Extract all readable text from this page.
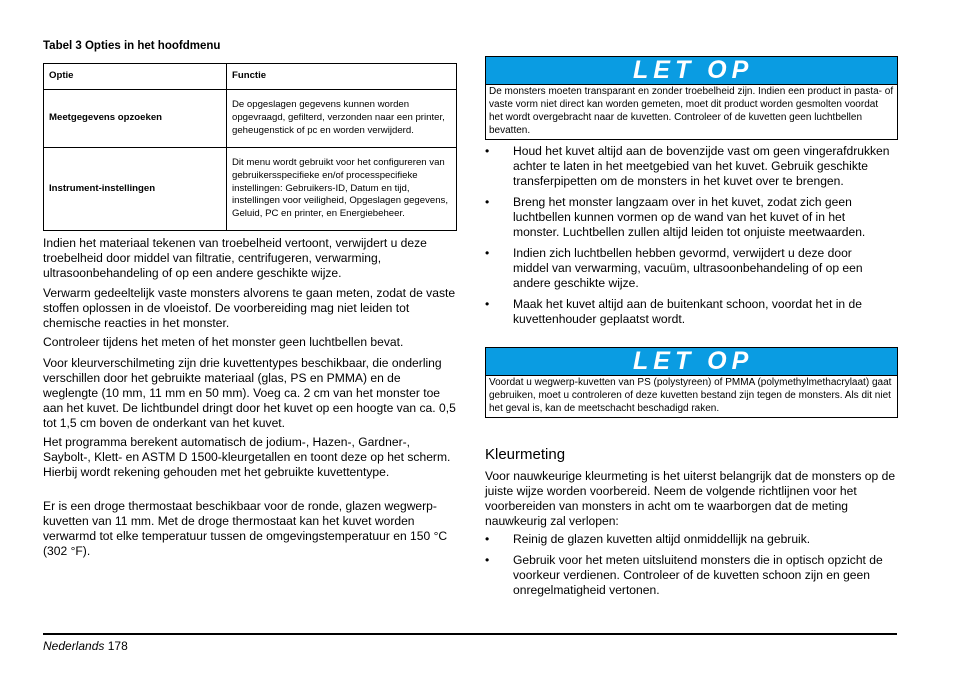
Tabel 3 Opties in het hoofdmenu
Optie	Functie
Meetgegevens opzoeken	De opgeslagen gegevens kunnen worden opgevraagd, gefilterd, verzonden naar een printer, geheugenstick of pc en worden verwijderd.
Instrument-instellingen	Dit menu wordt gebruikt voor het configureren van gebruikersspecifieke en/of processpecifieke instellingen: Gebruikers-ID, Datum en tijd, instellingen voor veiligheid, Opgeslagen gegevens, Geluid, PC en printer, en Energiebeheer.

Indien het materiaal tekenen van troebelheid vertoont, verwijdert u deze troebelheid door middel van filtratie, centrifugeren, verwarming, ultrasoonbehandeling of op een andere geschikte wijze.

Verwarm gedeeltelijk vaste monsters alvorens te gaan meten, zodat de vaste stoffen oplossen in de vloeistof. De voorbereiding mag niet leiden tot chemische reacties in het monster.

Controleer tijdens het meten of het monster geen luchtbellen bevat.

Voor kleurverschilmeting zijn drie kuvettentypes beschikbaar, die onderling verschillen door het gebruikte materiaal (glas, PS en PMMA) en de weglengte (10 mm, 11 mm en 50 mm). Voeg ca. 2 cm van het monster toe aan het kuvet. De lichtbundel dringt door het kuvet op een hoogte van ca. 0,5 tot 1,5 cm boven de onderkant van het kuvet.

Het programma berekent automatisch de jodium-, Hazen-, Gardner-, Saybolt-, Klett- en ASTM D 1500-kleurgetallen en toont deze op het scherm. Hierbij wordt rekening gehouden met het gebruikte kuvettentype.

Er is een droge thermostaat beschikbaar voor de ronde, glazen wegwerp-kuvetten van 11 mm. Met de droge thermostaat kan het kuvet worden verwarmd tot elke temperatuur tussen de omgevingstemperatuur en 150 °C (302 °F).

LET OP
De monsters moeten transparant en zonder troebelheid zijn. Indien een product in pasta- of vaste vorm niet direct kan worden gemeten, moet dit product worden gesmolten voordat het wordt overgebracht naar de kuvetten. Controleer of de kuvetten geen luchtbellen bevatten.
• Houd het kuvet altijd aan de bovenzijde vast om geen vingerafdrukken achter te laten in het meetgebied van het kuvet. Gebruik geschikte transferpipetten om de monsters in het kuvet over te brengen.
• Breng het monster langzaam over in het kuvet, zodat zich geen luchtbellen kunnen vormen op de wand van het kuvet of in het monster. Luchtbellen zullen altijd leiden tot onjuiste meetwaarden.
• Indien zich luchtbellen hebben gevormd, verwijdert u deze door middel van verwarming, vacuüm, ultrasoonbehandeling of op een andere geschikte wijze.
• Maak het kuvet altijd aan de buitenkant schoon, voordat het in de kuvettenhouder geplaatst wordt.
LET OP
Voordat u wegwerp-kuvetten van PS (polystyreen) of PMMA (polymethylmethacrylaat) gaat gebruiken, moet u controleren of deze kuvetten bestand zijn tegen de monsters. Als dit niet het geval is, kan de meetschacht beschadigd raken.
Kleurmeting

Voor nauwkeurige kleurmeting is het uiterst belangrijk dat de monsters op de juiste wijze worden voorbereid. Neem de volgende richtlijnen voor het voorbereiden van monsters in acht om te waarborgen dat de meting nauwkeurig zal verlopen:

• Reinig de glazen kuvetten altijd onmiddellijk na gebruik.
• Gebruik voor het meten uitsluitend monsters die in optisch opzicht de voorkeur verdienen. Controleer of de kuvetten schoon zijn en geen onregelmatigheid vertonen.
Nederlands 178
